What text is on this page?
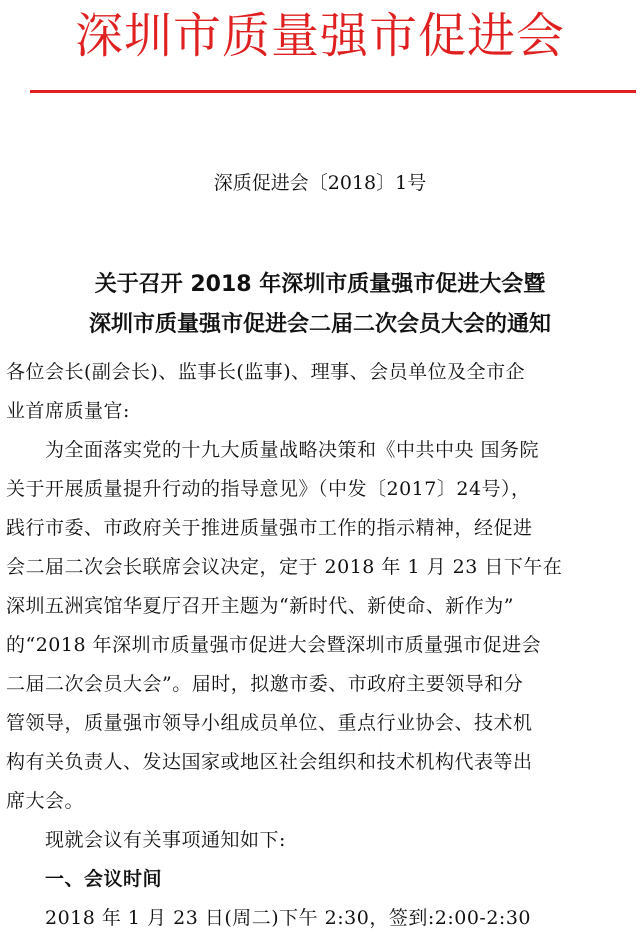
深圳市质量强市促进会
深质促进会〔2018〕1号
关于召开 2018 年深圳市质量强市促进大会暨
深圳市质量强市促进会二届二次会员大会的通知
各位会长(副会长)、监事长(监事)、理事、会员单位及全市企
业首席质量官:
　　为全面落实党的十九大质量战略决策和《中共中央 国务院
关于开展质量提升行动的指导意见》（中发〔2017〕24号），
践行市委、市政府关于推进质量强市工作的指示精神，经促进
会二届二次会长联席会议决定，定于 2018 年 1 月 23 日下午在
深圳五洲宾馆华夏厅召开主题为“新时代、新使命、新作为”
的“2018 年深圳市质量强市促进大会暨深圳市质量强市促进会
二届二次会员大会”。届时，拟邀市委、市政府主要领导和分
管领导，质量强市领导小组成员单位、重点行业协会、技术机
构有关负责人、发达国家或地区社会组织和技术机构代表等出
席大会。
　　现就会议有关事项通知如下:
　　一、会议时间
　　2018 年 1 月 23 日(周二)下午 2:30，签到:2:00-2:30
